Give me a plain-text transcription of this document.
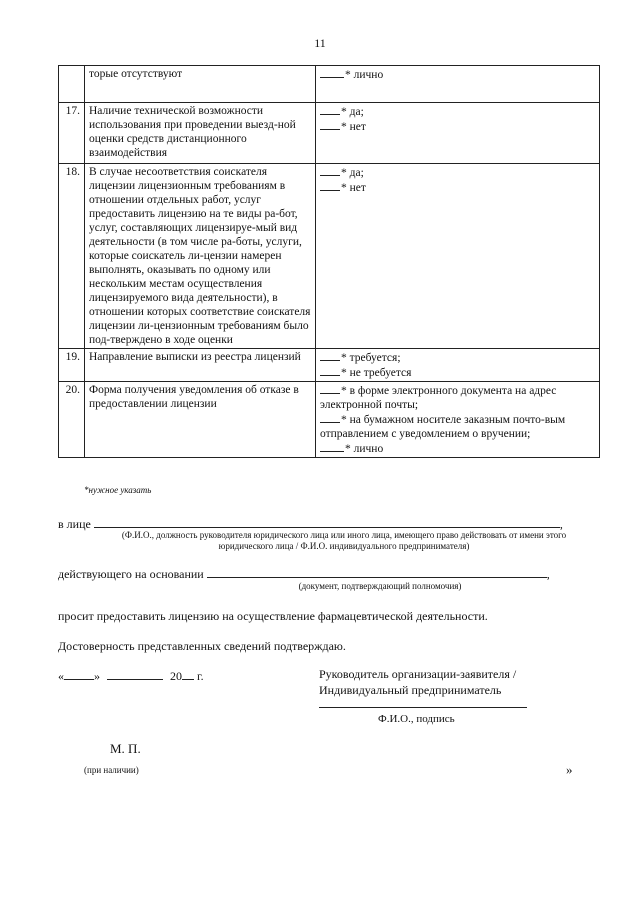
11
	торые отсутствуют	* лично

17.	Наличие технической возможности использования при проведении выезд-ной оценки средств дистанционного взаимодействия	* да;
* нет

18.	В случае несоответствия соискателя лицензии лицензионным требованиям в отношении отдельных работ, услуг предоставить лицензию на те виды ра-бот, услуг, составляющих лицензируе-мый вид деятельности (в том числе ра-боты, услуги, которые соискатель ли-цензии намерен выполнять, оказывать по одному или нескольким местам осуществления лицензируемого вида деятельности), в отношении которых соответствие соискателя лицензии ли-цензионным требованиям было под-тверждено в ходе оценки	* да;
* нет

19.	Направление выписки из реестра лицензий	* требуется;
* не требуется

20.	Форма получения уведомления об отказе в предоставлении лицензии	* в форме электронного документа на адрес электронной почты;
* на бумажном носителе заказным почто-вым отправлением с уведомлением о вручении;
* лично
*нужное указать
в лице	,
(Ф.И.О., должность руководителя юридического лица или иного лица, имеющего право действовать от имени этого юридического лица / Ф.И.О. индивидуального предпринимателя)
действующего на основании	,
(документ, подтверждающий полномочия)
просит предоставить лицензию на осуществление фармацевтической деятельности.
Достоверность представленных сведений подтверждаю.
«	»	20 г.	Руководитель организации-заявителя /
Индивидуальный предприниматель
Ф.И.О., подпись
М. П.
(при наличии)	»
